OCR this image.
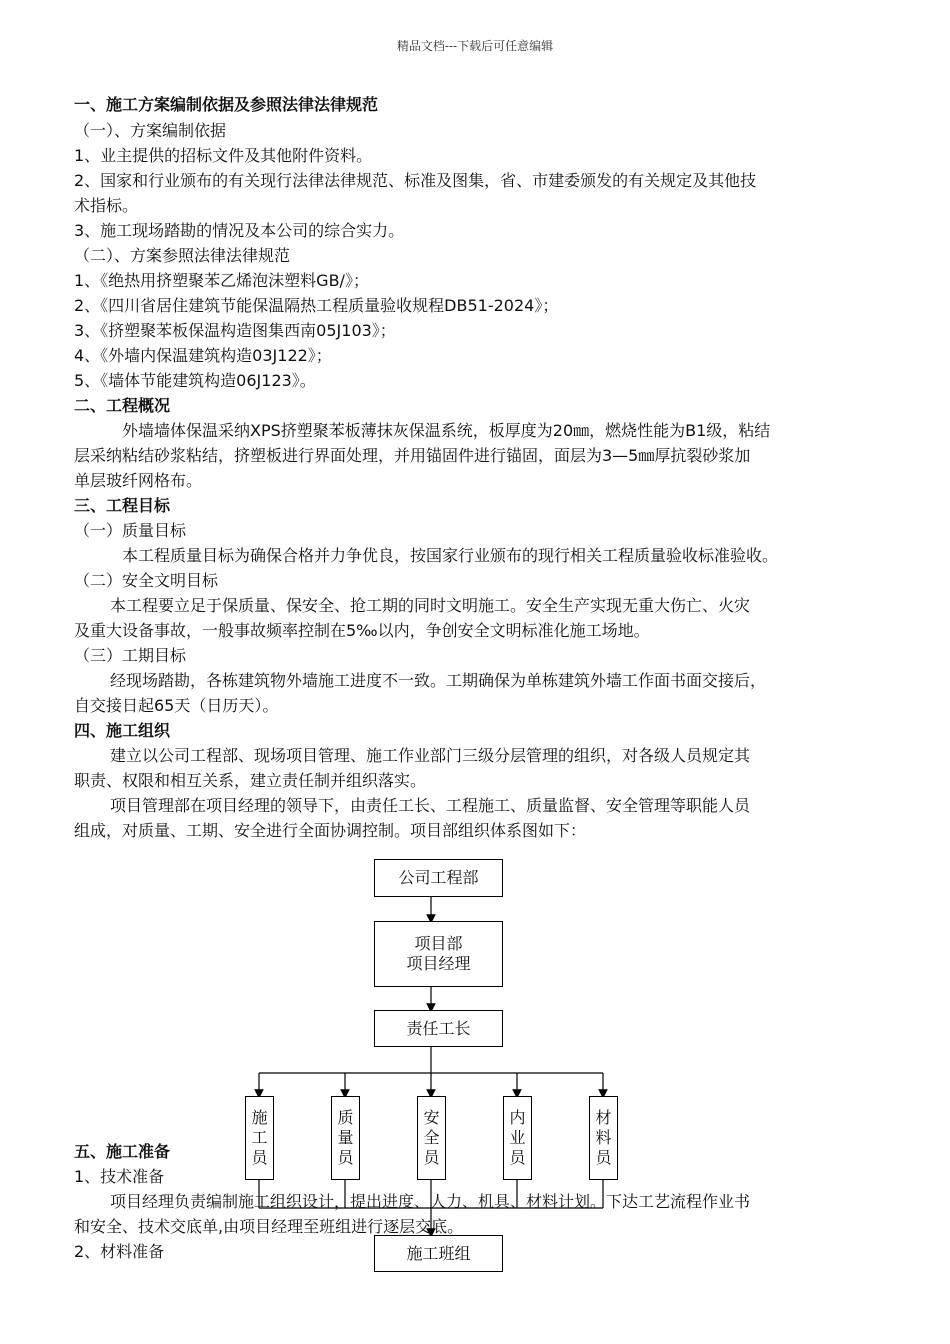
精品文档---下载后可任意编辑
一、施工方案编制依据及参照法律法律规范
（一）、方案编制依据
1、业主提供的招标文件及其他附件资料。
2、国家和行业颁布的有关现行法律法律规范、标准及图集，省、市建委颁发的有关规定及其他技
术指标。
3、施工现场踏勘的情况及本公司的综合实力。
（二）、方案参照法律法律规范
1、《绝热用挤塑聚苯乙烯泡沫塑料GB/》；
2、《四川省居住建筑节能保温隔热工程质量验收规程DB51-2024》；
3、《挤塑聚苯板保温构造图集西南05J103》；
4、《外墙内保温建筑构造03J122》；
5、《墙体节能建筑构造06J123》。
二、工程概况
外墙墙体保温采纳XPS挤塑聚苯板薄抹灰保温系统，板厚度为20㎜，燃烧性能为B1级，粘结
层采纳粘结砂浆粘结，挤塑板进行界面处理，并用锚固件进行锚固，面层为3—5㎜厚抗裂砂浆加
单层玻纤网格布。
三、工程目标
（一）质量目标
本工程质量目标为确保合格并力争优良，按国家行业颁布的现行相关工程质量验收标准验收。
（二）安全文明目标
本工程要立足于保质量、保安全、抢工期的同时文明施工。安全生产实现无重大伤亡、火灾
及重大设备事故，一般事故频率控制在5‰以内，争创安全文明标准化施工场地。
（三）工期目标
经现场踏勘，各栋建筑物外墙施工进度不一致。工期确保为单栋建筑外墙工作面书面交接后，
自交接日起65天（日历天）。
四、施工组织
建立以公司工程部、现场项目管理、施工作业部门三级分层管理的组织，对各级人员规定其
职责、权限和相互关系，建立责任制并组织落实。
项目管理部在项目经理的领导下，由责任工长、工程施工、质量监督、安全管理等职能人员
组成，对质量、工期、安全进行全面协调控制。项目部组织体系图如下：
公司工程部
项目部
项目经理
责任工长
施
工
员
质
量
员
安
全
员
内
业
员
材
料
员
施工班组
五、施工准备
1、技术准备
项目经理负责编制施工组织设计，提出进度、人力、机具、材料计划。下达工艺流程作业书
和安全、技术交底单,由项目经理至班组进行逐层交底。
2、材料准备
